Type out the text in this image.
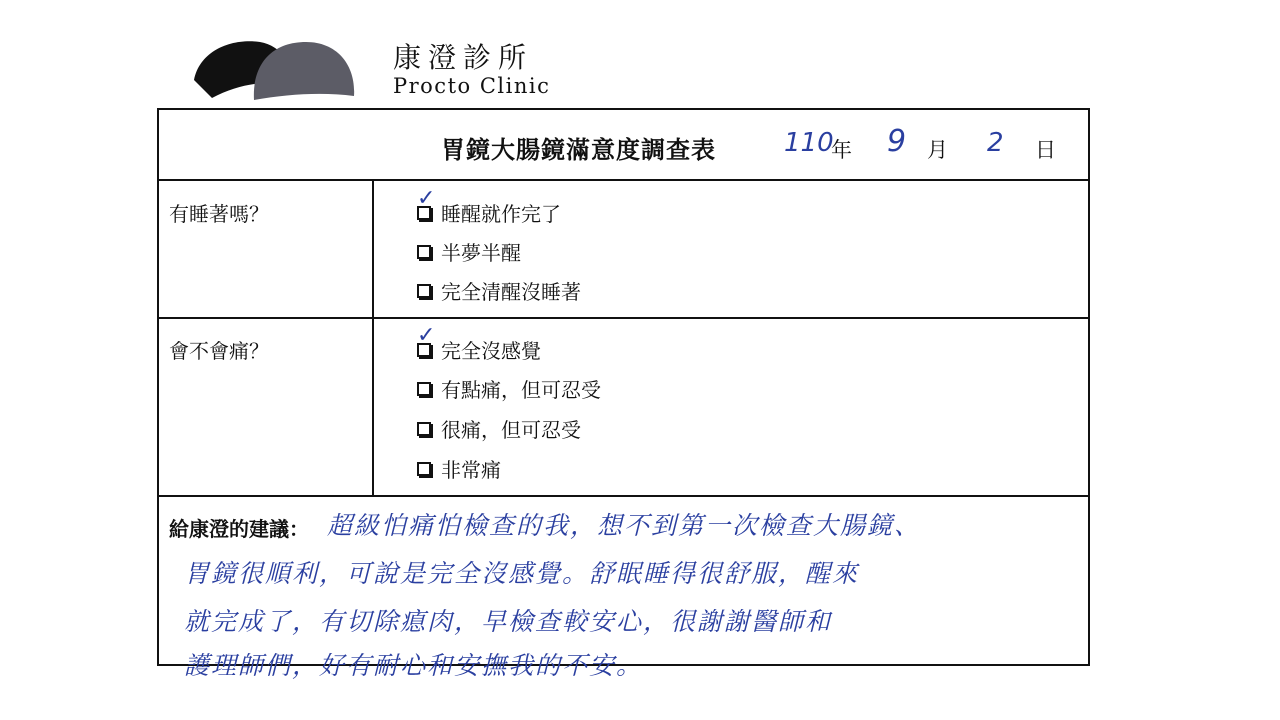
康澄診所
Procto Clinic
胃鏡大腸鏡滿意度調查表	110
年 9 月 2 日
有睡著嗎？
✓
睡醒就作完了
半夢半醒
完全清醒沒睡著
會不會痛？
✓
完全沒感覺
有點痛，但可忍受
很痛，但可忍受
非常痛
給康澄的建議： 超級怕痛怕檢查的我，想不到第一次檢查大腸鏡、
胃鏡很順利，可說是完全沒感覺。舒眠睡得很舒服，醒來
就完成了，有切除瘜肉，早檢查較安心，很謝謝醫師和
護理師們，好有耐心和安撫我的不安。
